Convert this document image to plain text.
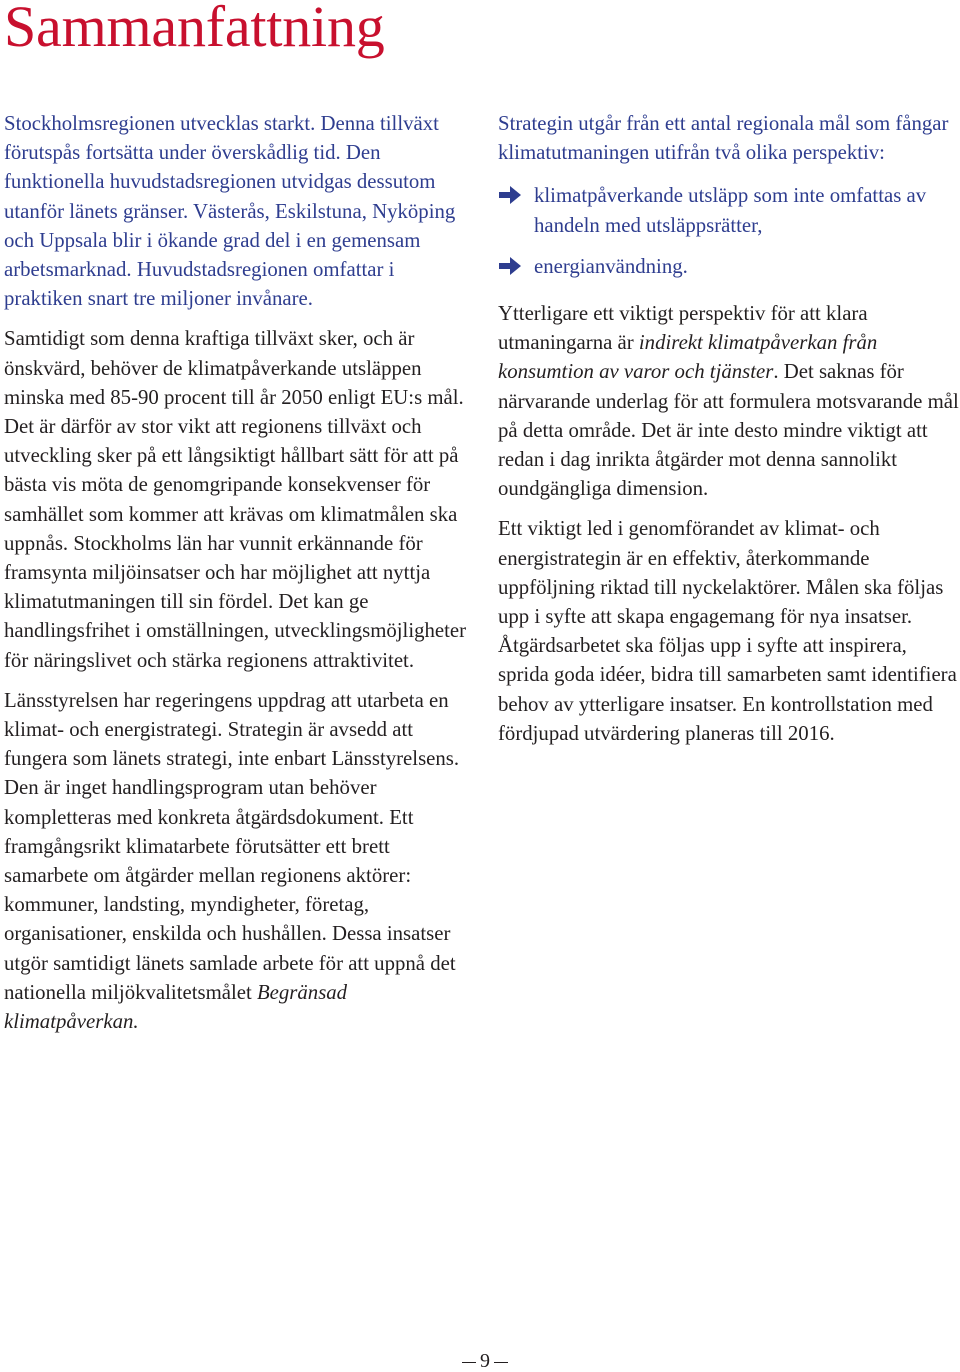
Sammanfattning

Stockholmsregionen utvecklas starkt. Denna tillväxt förutspås fortsätta under överskådlig tid. Den funktionella huvudstadsregionen utvidgas dessutom utanför länets gränser. Västerås, Eskilstuna, Nyköping och Uppsala blir i ökande grad del i en gemensam arbetsmarknad. Huvudstadsregionen omfattar i praktiken snart tre miljoner invånare.

Samtidigt som denna kraftiga tillväxt sker, och är önskvärd, behöver de klimatpåverkande utsläppen minska med 85-90 procent till år 2050 enligt EU:s mål. Det är därför av stor vikt att regionens tillväxt och utveckling sker på ett långsiktigt hållbart sätt för att på bästa vis möta de genomgripande konsekvenser för samhället som kommer att krävas om klimatmålen ska uppnås. Stockholms län har vunnit erkännande för framsynta miljöinsatser och har möjlighet att nyttja klimatutmaningen till sin fördel. Det kan ge handlingsfrihet i omställningen, utvecklingsmöjligheter för näringslivet och stärka regionens attraktivitet.

Länsstyrelsen har regeringens uppdrag att utarbeta en klimat- och energistrategi. Strategin är avsedd att fungera som länets strategi, inte enbart Länsstyrelsens. Den är inget handlingsprogram utan behöver kompletteras med konkreta åtgärdsdokument. Ett framgångsrikt klimatarbete förutsätter ett brett samarbete om åtgärder mellan regionens aktörer: kommuner, landsting, myndigheter, företag, organisationer, enskilda och hushållen. Dessa insatser utgör samtidigt länets samlade arbete för att uppnå det nationella miljökvalitetsmålet Begränsad klimatpåverkan.

Strategin utgår från ett antal regionala mål som fångar klimatutmaningen utifrån två olika perspektiv:

klimatpåverkande utsläpp som inte omfattas av handeln med utsläppsrätter,
energianvändning.

Ytterligare ett viktigt perspektiv för att klara utmaningarna är indirekt klimatpåverkan från konsumtion av varor och tjänster. Det saknas för närvarande underlag för att formulera motsvarande mål på detta område. Det är inte desto mindre viktigt att redan i dag inrikta åtgärder mot denna sannolikt oundgängliga dimension.

Ett viktigt led i genomförandet av klimat- och energistrategin är en effektiv, återkommande uppföljning riktad till nyckelaktörer. Målen ska följas upp i syfte att skapa engagemang för nya insatser. Åtgärdsarbetet ska följas upp i syfte att inspirera, sprida goda idéer, bidra till samarbeten samt identifiera behov av ytterligare insatser. En kontrollstation med fördjupad utvärdering planeras till 2016.

9
